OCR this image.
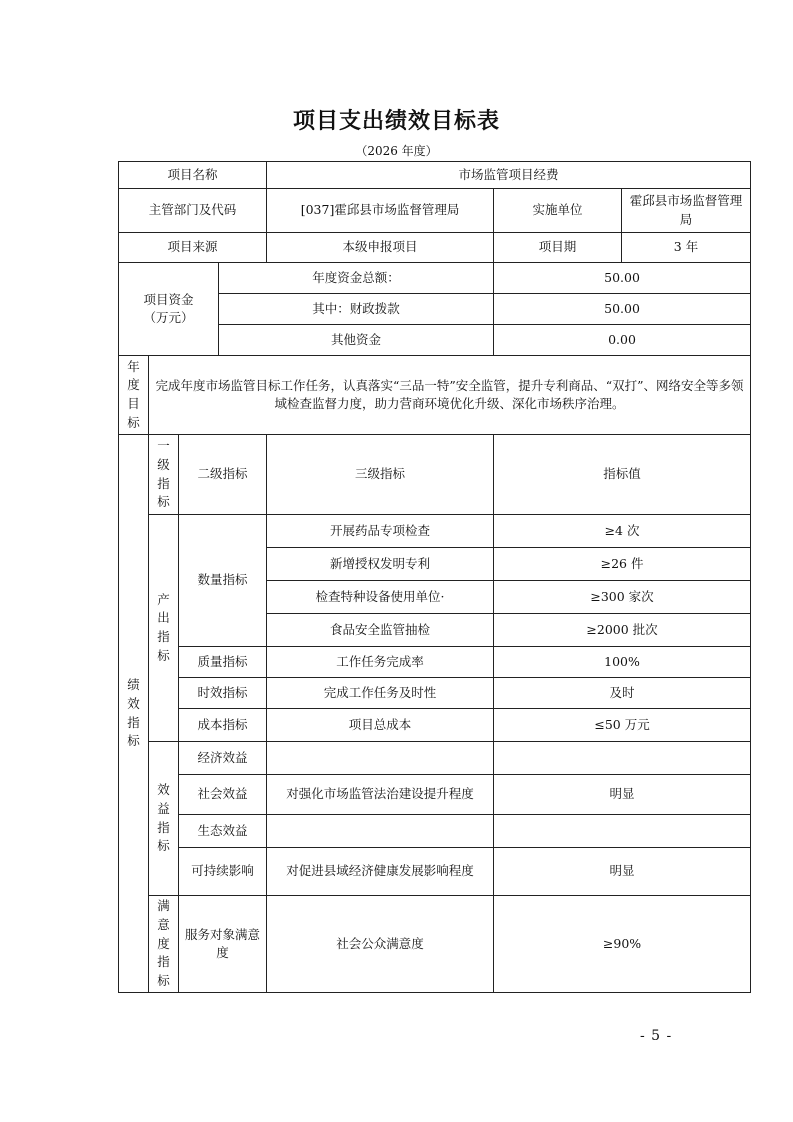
项目支出绩效目标表
（2026 年度）
项目名称				市场监管项目经费		
主管部门及代码				[037]霍邱县市场监督管理局	实施单位	霍邱县市场监督管理局
项目来源				本级申报项目	项目期	3 年
项目资金
（万元）			年度资金总额：		50.00	
			其中：财政拨款		50.00	
			其他资金		0.00	

年度目标	完成年度市场监管目标工作任务，认真落实“三品一特”安全监管，提升专利商品、“双打”、网络安全等多领域检查监督力度，助力营商环境优化升级、深化市场秩序治理。					

绩效指标	一级指标	二级指标		三级指标	指标值	

	产出指标	数量指标		开展药品专项检查	≥4 次	
				新增授权发明专利	≥26 件	
				检查特种设备使用单位·	≥300 家次	
				食品安全监管抽检	≥2000 批次	
		质量指标		工作任务完成率	100%	
		时效指标		完成工作任务及时性	及时	
		成本指标		项目总成本	≤50 万元	

	效益指标	经济效益				
		社会效益		对强化市场监管法治建设提升程度	明显	
		生态效益				
		可持续影响		对促进县域经济健康发展影响程度	明显	

	满意度指标	服务对象满意度		社会公众满意度	≥90%	
- 5 -
